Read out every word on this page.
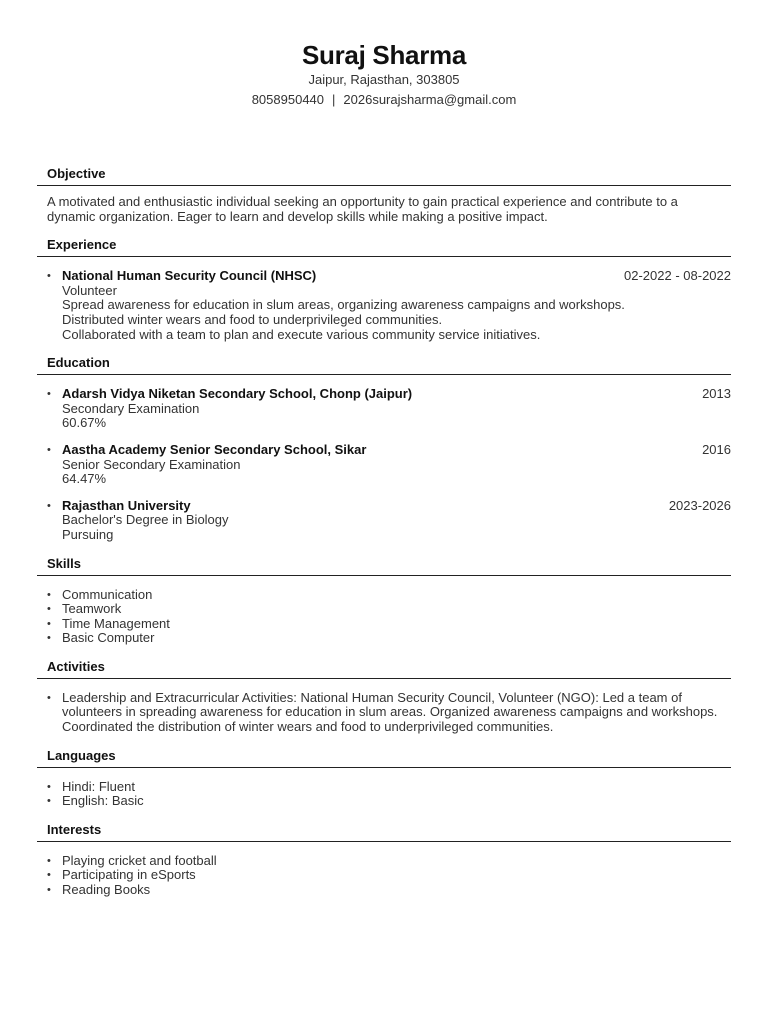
Suraj Sharma
Jaipur, Rajasthan, 303805
8058950440 | 2026surajsharma@gmail.com
Objective
A motivated and enthusiastic individual seeking an opportunity to gain practical experience and contribute to a dynamic organization. Eager to learn and develop skills while making a positive impact.
Experience
• National Human Security Council (NHSC)	02-2022 - 08-2022
Volunteer
Spread awareness for education in slum areas, organizing awareness campaigns and workshops.
Distributed winter wears and food to underprivileged communities.
Collaborated with a team to plan and execute various community service initiatives.
Education
• Adarsh Vidya Niketan Secondary School, Chonp (Jaipur)	2013
Secondary Examination
60.67%
• Aastha Academy Senior Secondary School, Sikar	2016
Senior Secondary Examination
64.47%
• Rajasthan University	2023-2026
Bachelor's Degree in Biology
Pursuing
Skills
• Communication
• Teamwork
• Time Management
• Basic Computer
Activities
• Leadership and Extracurricular Activities: National Human Security Council, Volunteer (NGO): Led a team of volunteers in spreading awareness for education in slum areas. Organized awareness campaigns and workshops. Coordinated the distribution of winter wears and food to underprivileged communities.
Languages
• Hindi: Fluent
• English: Basic
Interests
• Playing cricket and football
• Participating in eSports
• Reading Books
